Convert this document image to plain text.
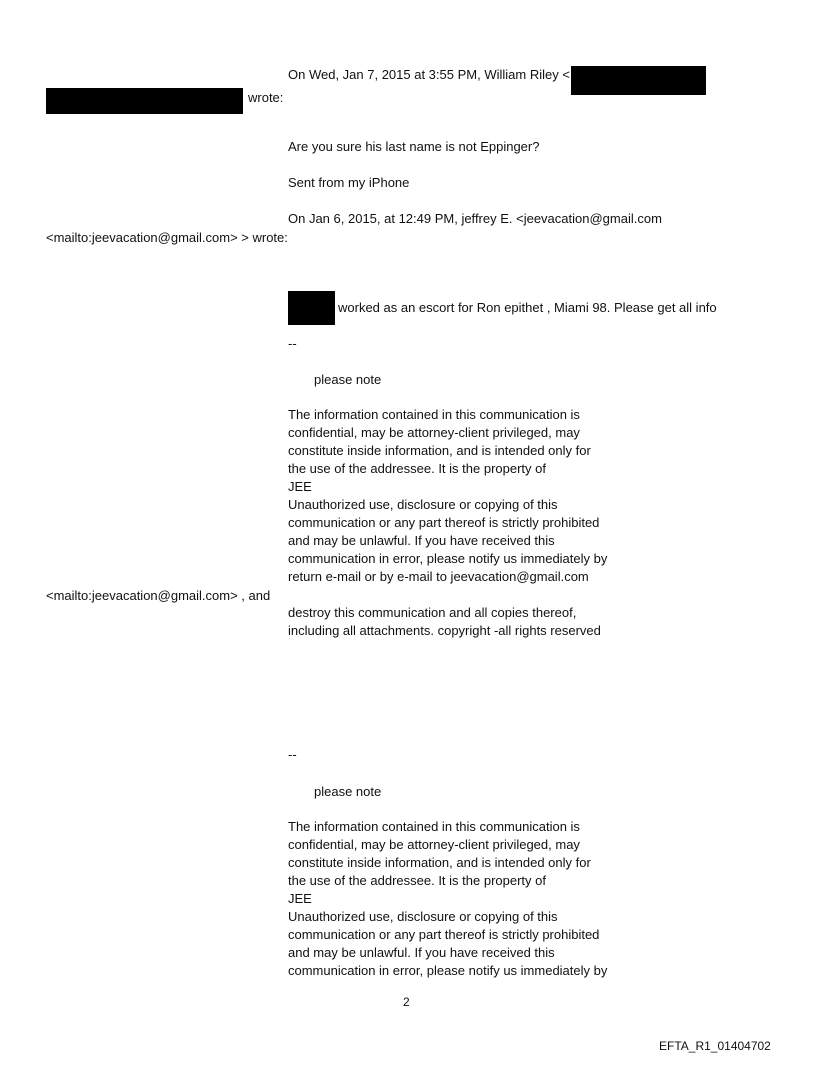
On Wed, Jan 7, 2015 at 3:55 PM, William Riley <
wrote:
Are you sure his last name is not Eppinger?
Sent from my iPhone
On Jan 6, 2015, at 12:49 PM, jeffrey E. <jeevacation@gmail.com
<mailto:jeevacation@gmail.com> > wrote:
worked as an escort for Ron epithet , Miami 98. Please get all info
--
please note
The information contained in this communication is
confidential, may be attorney-client privileged, may
constitute inside information, and is intended only for
the use of the addressee. It is the property of
JEE
Unauthorized use, disclosure or copying of this
communication or any part thereof is strictly prohibited
and may be unlawful. If you have received this
communication in error, please notify us immediately by
return e-mail or by e-mail to jeevacation@gmail.com
<mailto:jeevacation@gmail.com> , and
destroy this communication and all copies thereof,
including all attachments. copyright -all rights reserved
--
please note
The information contained in this communication is
confidential, may be attorney-client privileged, may
constitute inside information, and is intended only for
the use of the addressee. It is the property of
JEE
Unauthorized use, disclosure or copying of this
communication or any part thereof is strictly prohibited
and may be unlawful. If you have received this
communication in error, please notify us immediately by
2
EFTA_R1_01404702
